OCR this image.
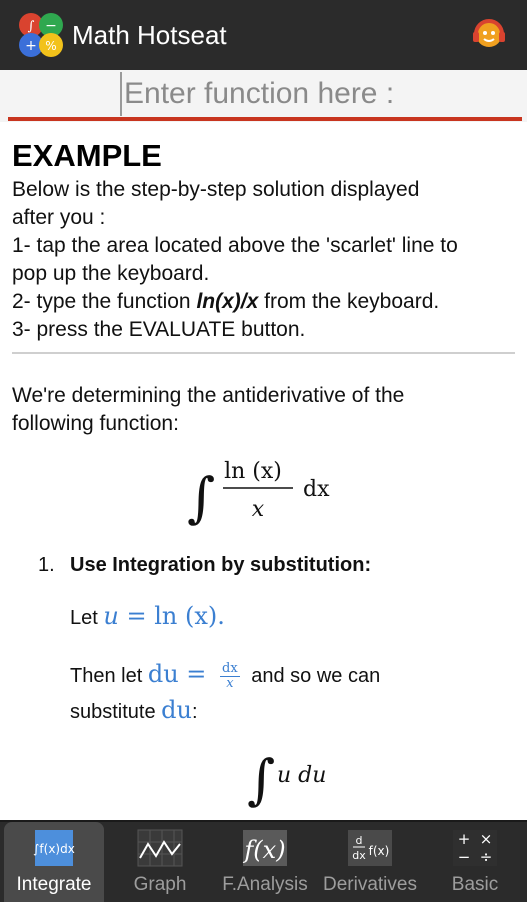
∫ −
+ % Math Hotseat
Enter function here :
EXAMPLE
Below is the step-by-step solution displayed
after you :
1- tap the area located above the 'scarlet' line to
pop up the keyboard.
2- type the function ln(x)/x from the keyboard.
3- press the EVALUATE button.
We're determining the antiderivative of the
following function:
∫ ln (x)
x
dx
1. Use Integration by substitution:
Let u = ln (x).
Then let du = $\frac{dx}{x}$ and so we can
substitute du:
∫ u du
∫f(x)dx
Integrate	Graph
f(x)
F.Analysis
d
dx f(x)
Derivatives
+ ×
− ÷
Basic
